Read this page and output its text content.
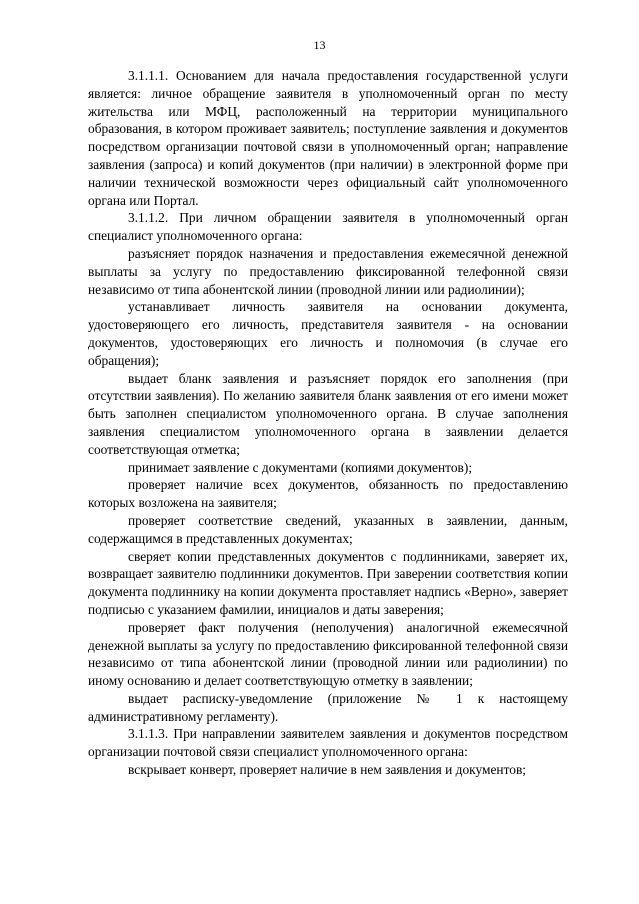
13

3.1.1.1. Основанием для начала предоставления государственной услуги является: личное обращение заявителя в уполномоченный орган по месту жительства или МФЦ, расположенный на территории муниципального образования, в котором проживает заявитель; поступление заявления и документов посредством организации почтовой связи в уполномоченный орган; направление заявления (запроса) и копий документов (при наличии) в электронной форме при наличии технической возможности через официальный сайт уполномоченного органа или Портал.

3.1.1.2. При личном обращении заявителя в уполномоченный орган специалист уполномоченного органа:

разъясняет порядок назначения и предоставления ежемесячной денежной выплаты за услугу по предоставлению фиксированной телефонной связи независимо от типа абонентской линии (проводной линии или радиолинии);

устанавливает личность заявителя на основании документа, удостоверяющего его личность, представителя заявителя - на основании документов, удостоверяющих его личность и полномочия (в случае его обращения);

выдает бланк заявления и разъясняет порядок его заполнения (при отсутствии заявления). По желанию заявителя бланк заявления от его имени может быть заполнен специалистом уполномоченного органа. В случае заполнения заявления специалистом уполномоченного органа в заявлении делается соответствующая отметка;

принимает заявление с документами (копиями документов);

проверяет наличие всех документов, обязанность по предоставлению которых возложена на заявителя;

проверяет соответствие сведений, указанных в заявлении, данным, содержащимся в представленных документах;

сверяет копии представленных документов с подлинниками, заверяет их, возвращает заявителю подлинники документов. При заверении соответствия копии документа подлиннику на копии документа проставляет надпись «Верно», заверяет подписью с указанием фамилии, инициалов и даты заверения;

проверяет факт получения (неполучения) аналогичной ежемесячной денежной выплаты за услугу по предоставлению фиксированной телефонной связи независимо от типа абонентской линии (проводной линии или радиолинии) по иному основанию и делает соответствующую отметку в заявлении;

выдает расписку-уведомление (приложение № 1 к настоящему административному регламенту).

3.1.1.3. При направлении заявителем заявления и документов посредством организации почтовой связи специалист уполномоченного органа:

вскрывает конверт, проверяет наличие в нем заявления и документов;
